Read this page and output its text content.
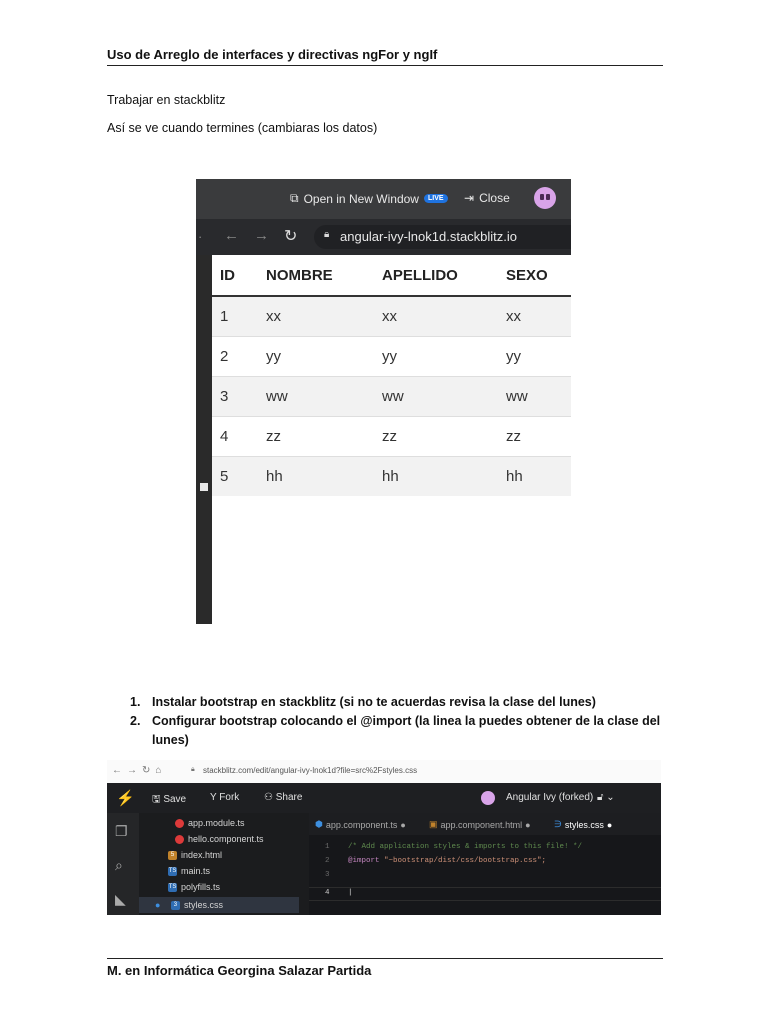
Uso de Arreglo de interfaces y directivas ngFor y ngIf
Trabajar en stackblitz
Así se ve cuando termines (cambiaras los datos)
⧉ Open in New Window	LIVE	⇥ Close
· ← → ↻	🔒︎ angular-ivy-lnok1d.stackblitz.io
ID	NOMBRE	APELLIDO	SEXO
1	xx	xx	xx
2	yy	yy	yy
3	ww	ww	ww
4	zz	zz	zz
5	hh	hh	hh
1. Instalar bootstrap en stackblitz (si no te acuerdas revisa la clase del lunes)
2. Configurar bootstrap colocando el @import (la linea la puedes obtener de la clase del lunes)
←→↻⌂	🔒︎ stackblitz.com/edit/angular-ivy-lnok1d?file=src%2Fstyles.css
⚡ 🖫 Save Y Fork ⚇ Share	Angular Ivy (forked) 🔓︎ ⌄
❐
⌕
◣
app.module.ts
hello.component.ts
5 index.html
TS main.ts
TS polyfills.ts
●
	3 styles.css
⬢ app.component.ts ●	▣ app.component.html ●	∋ styles.css ●
1 /* Add application styles & imports to this file! */
2 @import "~bootstrap/dist/css/bootstrap.css";
3
4 |
M. en Informática Georgina Salazar Partida
